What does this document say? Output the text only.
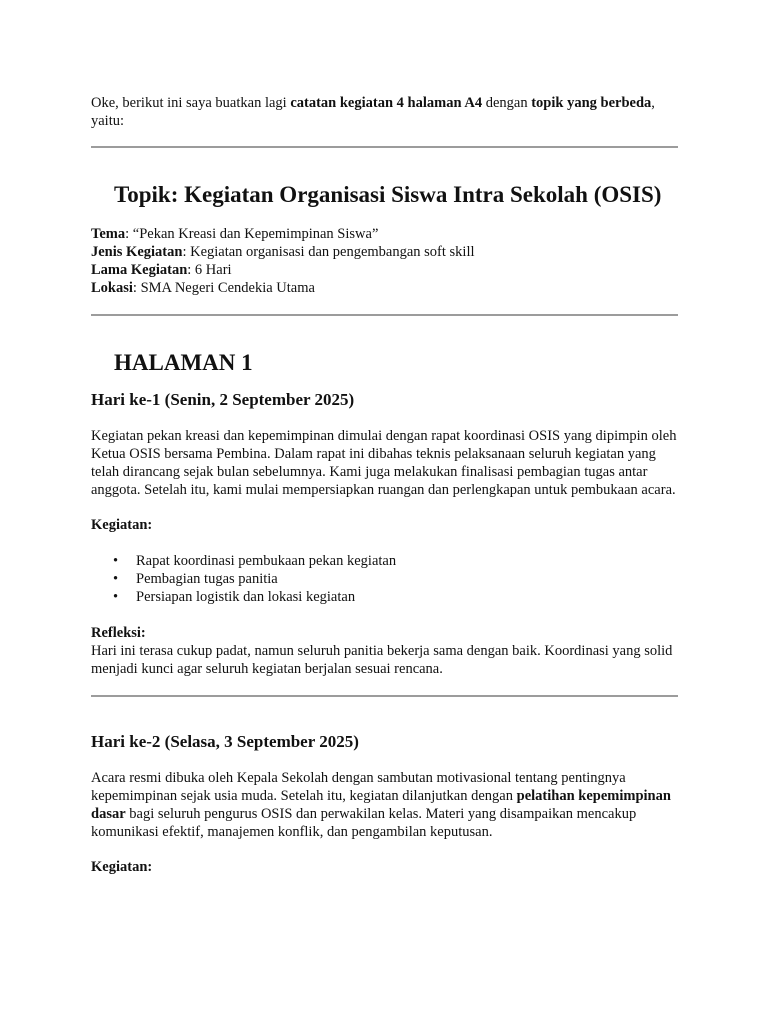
Oke, berikut ini saya buatkan lagi catatan kegiatan 4 halaman A4 dengan topik yang berbeda, yaitu:

Topik: Kegiatan Organisasi Siswa Intra Sekolah (OSIS)
Tema: “Pekan Kreasi dan Kepemimpinan Siswa”
Jenis Kegiatan: Kegiatan organisasi dan pengembangan soft skill
Lama Kegiatan: 6 Hari
Lokasi: SMA Negeri Cendekia Utama
HALAMAN 1
Hari ke-1 (Senin, 2 September 2025)

Kegiatan pekan kreasi dan kepemimpinan dimulai dengan rapat koordinasi OSIS yang dipimpin oleh Ketua OSIS bersama Pembina. Dalam rapat ini dibahas teknis pelaksanaan seluruh kegiatan yang telah dirancang sejak bulan sebelumnya. Kami juga melakukan finalisasi pembagian tugas antar anggota. Setelah itu, kami mulai mempersiapkan ruangan dan perlengkapan untuk pembukaan acara.

Kegiatan:

• Rapat koordinasi pembukaan pekan kegiatan
• Pembagian tugas panitia
• Persiapan logistik dan lokasi kegiatan

Refleksi:

Hari ini terasa cukup padat, namun seluruh panitia bekerja sama dengan baik. Koordinasi yang solid menjadi kunci agar seluruh kegiatan berjalan sesuai rencana.

Hari ke-2 (Selasa, 3 September 2025)

Acara resmi dibuka oleh Kepala Sekolah dengan sambutan motivasional tentang pentingnya kepemimpinan sejak usia muda. Setelah itu, kegiatan dilanjutkan dengan pelatihan kepemimpinan dasar bagi seluruh pengurus OSIS dan perwakilan kelas. Materi yang disampaikan mencakup komunikasi efektif, manajemen konflik, dan pengambilan keputusan.

Kegiatan:
